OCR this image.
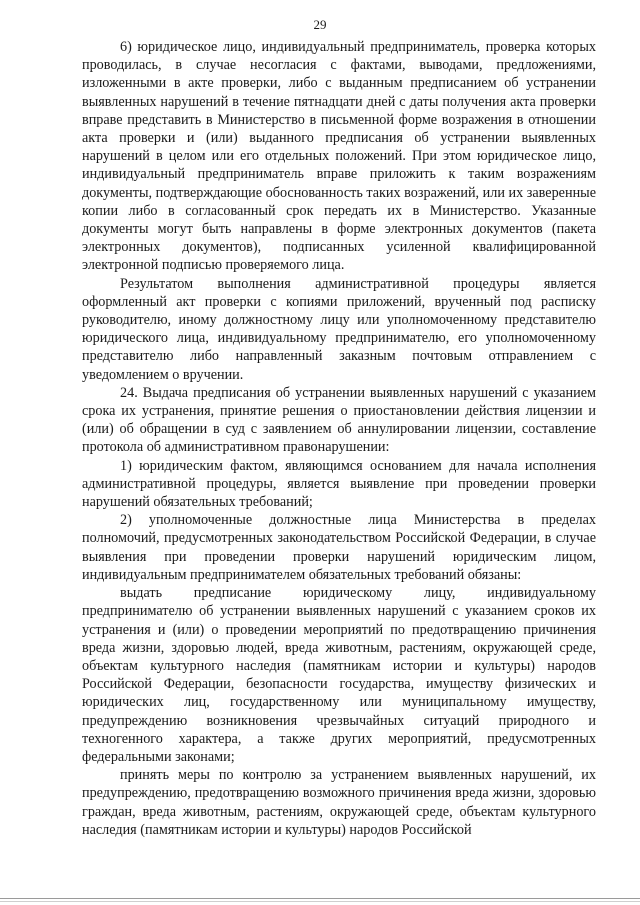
29

6) юридическое лицо, индивидуальный предприниматель, проверка которых проводилась, в случае несогласия с фактами, выводами, предложениями, изложенными в акте проверки, либо с выданным предписанием об устранении выявленных нарушений в течение пятнадцати дней с даты получения акта проверки вправе представить в Министерство в письменной форме возражения в отношении акта проверки и (или) выданного предписания об устранении выявленных нарушений в целом или его отдельных положений. При этом юридическое лицо, индивидуальный предприниматель вправе приложить к таким возражениям документы, подтверждающие обоснованность таких возражений, или их заверенные копии либо в согласованный срок передать их в Министерство. Указанные документы могут быть направлены в форме электронных документов (пакета электронных документов), подписанных усиленной квалифицированной электронной подписью проверяемого лица.

Результатом выполнения административной процедуры является оформленный акт проверки с копиями приложений, врученный под расписку руководителю, иному должностному лицу или уполномоченному представителю юридического лица, индивидуальному предпринимателю, его уполномоченному представителю либо направленный заказным почтовым отправлением с уведомлением о вручении.

24. Выдача предписания об устранении выявленных нарушений с указанием срока их устранения, принятие решения о приостановлении действия лицензии и (или) об обращении в суд с заявлением об аннулировании лицензии, составление протокола об административном правонарушении:

1) юридическим фактом, являющимся основанием для начала исполнения административной процедуры, является выявление при проведении проверки нарушений обязательных требований;

2) уполномоченные должностные лица Министерства в пределах полномочий, предусмотренных законодательством Российской Федерации, в случае выявления при проведении проверки нарушений юридическим лицом, индивидуальным предпринимателем обязательных требований обязаны:

выдать предписание юридическому лицу, индивидуальному предпринимателю об устранении выявленных нарушений с указанием сроков их устранения и (или) о проведении мероприятий по предотвращению причинения вреда жизни, здоровью людей, вреда животным, растениям, окружающей среде, объектам культурного наследия (памятникам истории и культуры) народов Российской Федерации, безопасности государства, имуществу физических и юридических лиц, государственному или муниципальному имуществу, предупреждению возникновения чрезвычайных ситуаций природного и техногенного характера, а также других мероприятий, предусмотренных федеральными законами;

принять меры по контролю за устранением выявленных нарушений, их предупреждению, предотвращению возможного причинения вреда жизни, здоровью граждан, вреда животным, растениям, окружающей среде, объектам культурного наследия (памятникам истории и культуры) народов Российской
